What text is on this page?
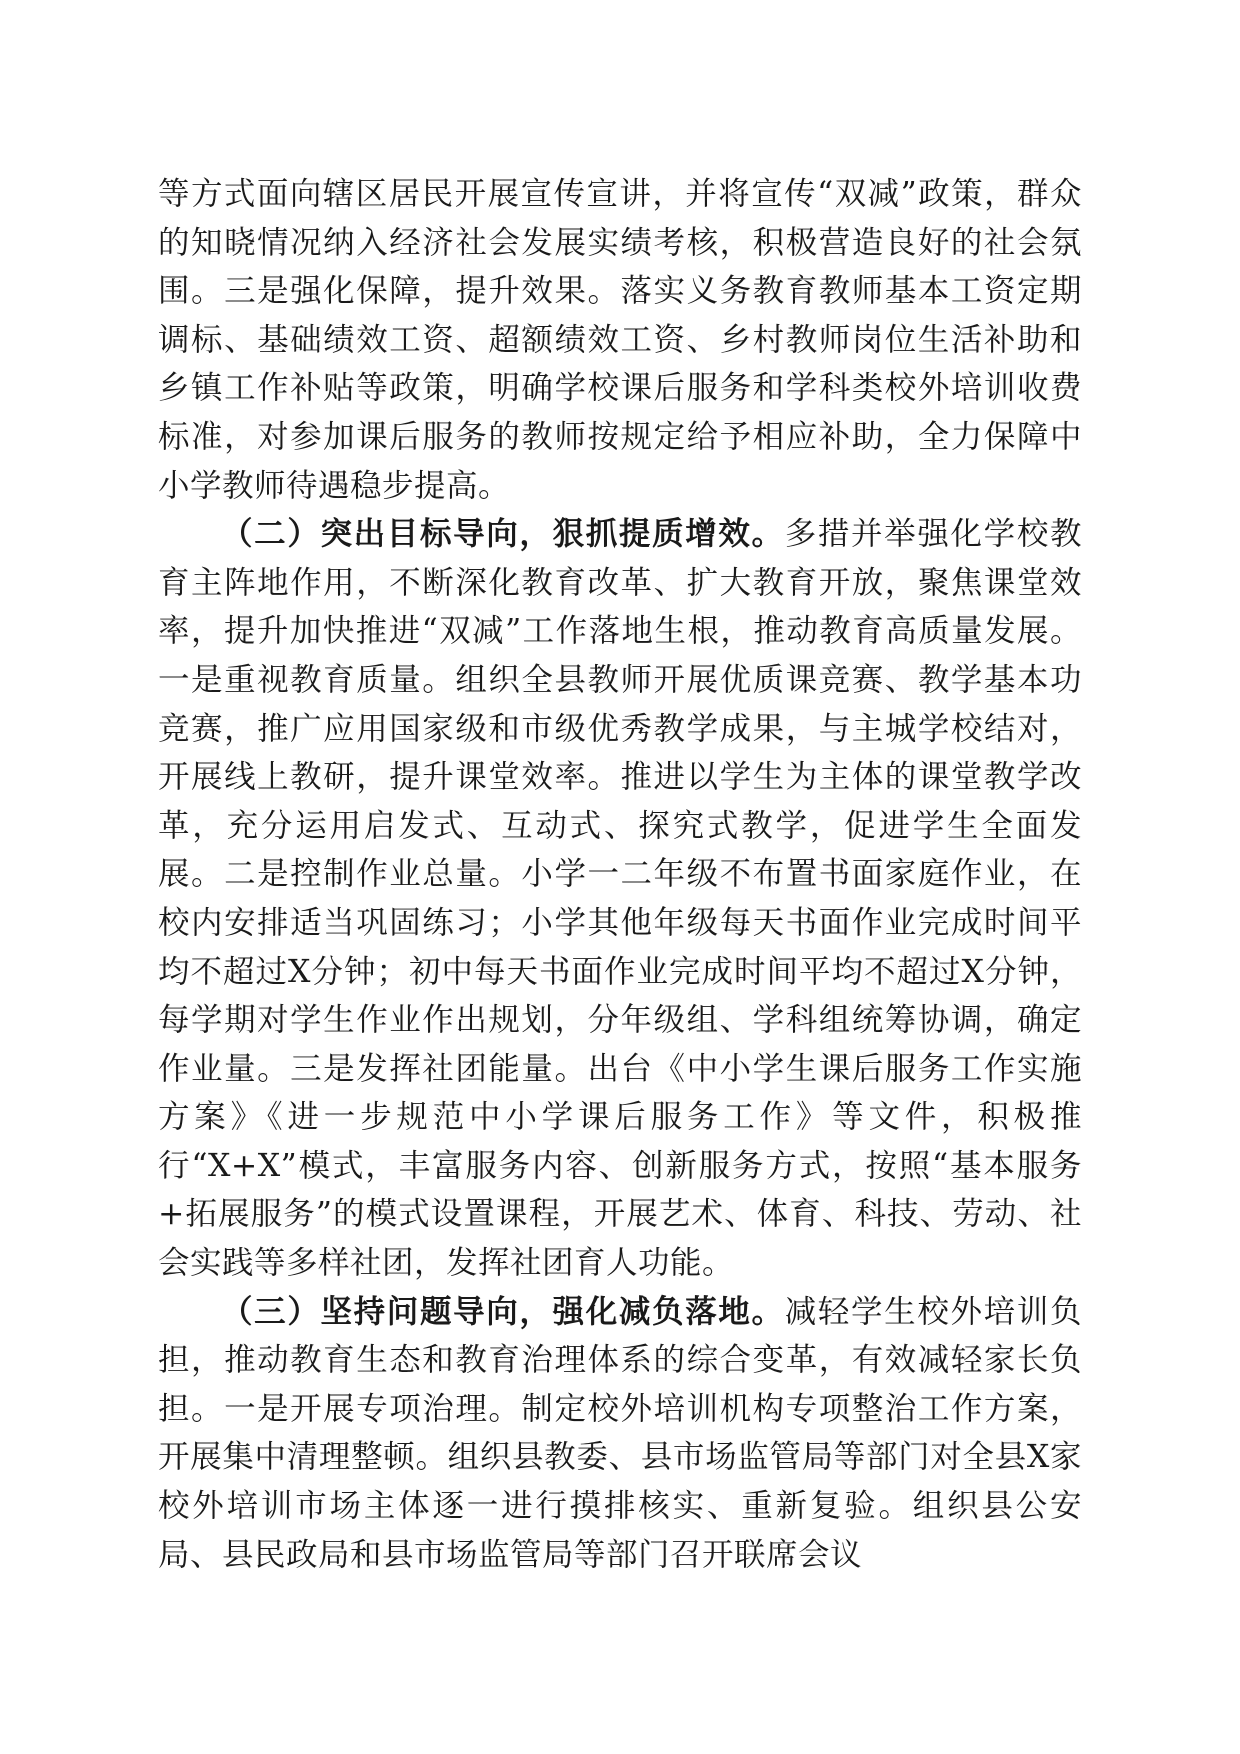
等方式面向辖区居民开展宣传宣讲，并将宣传“双减”政策，群众的知晓情况纳入经济社会发展实绩考核，积极营造良好的社会氛围。三是强化保障，提升效果。落实义务教育教师基本工资定期调标、基础绩效工资、超额绩效工资、乡村教师岗位生活补助和乡镇工作补贴等政策，明确学校课后服务和学科类校外培训收费标准，对参加课后服务的教师按规定给予相应补助，全力保障中小学教师待遇稳步提高。

（二）突出目标导向，狠抓提质增效。多措并举强化学校教育主阵地作用，不断深化教育改革、扩大教育开放，聚焦课堂效率，提升加快推进“双减”工作落地生根，推动教育高质量发展。一是重视教育质量。组织全县教师开展优质课竞赛、教学基本功竞赛，推广应用国家级和市级优秀教学成果，与主城学校结对，开展线上教研，提升课堂效率。推进以学生为主体的课堂教学改革，充分运用启发式、互动式、探究式教学，促进学生全面发展。二是控制作业总量。小学一二年级不布置书面家庭作业，在校内安排适当巩固练习；小学其他年级每天书面作业完成时间平均不超过X分钟；初中每天书面作业完成时间平均不超过X分钟，每学期对学生作业作出规划，分年级组、学科组统筹协调，确定作业量。三是发挥社团能量。出台《中小学生课后服务工作实施方案》《进一步规范中小学课后服务工作》等文件，积极推行“X+X”模式，丰富服务内容、创新服务方式，按照“基本服务+拓展服务”的模式设置课程，开展艺术、体育、科技、劳动、社会实践等多样社团，发挥社团育人功能。

（三）坚持问题导向，强化减负落地。减轻学生校外培训负担，推动教育生态和教育治理体系的综合变革，有效减轻家长负担。一是开展专项治理。制定校外培训机构专项整治工作方案，开展集中清理整顿。组织县教委、县市场监管局等部门对全县X家校外培训市场主体逐一进行摸排核实、重新复验。组织县公安局、县民政局和县市场监管局等部门召开联席会议
